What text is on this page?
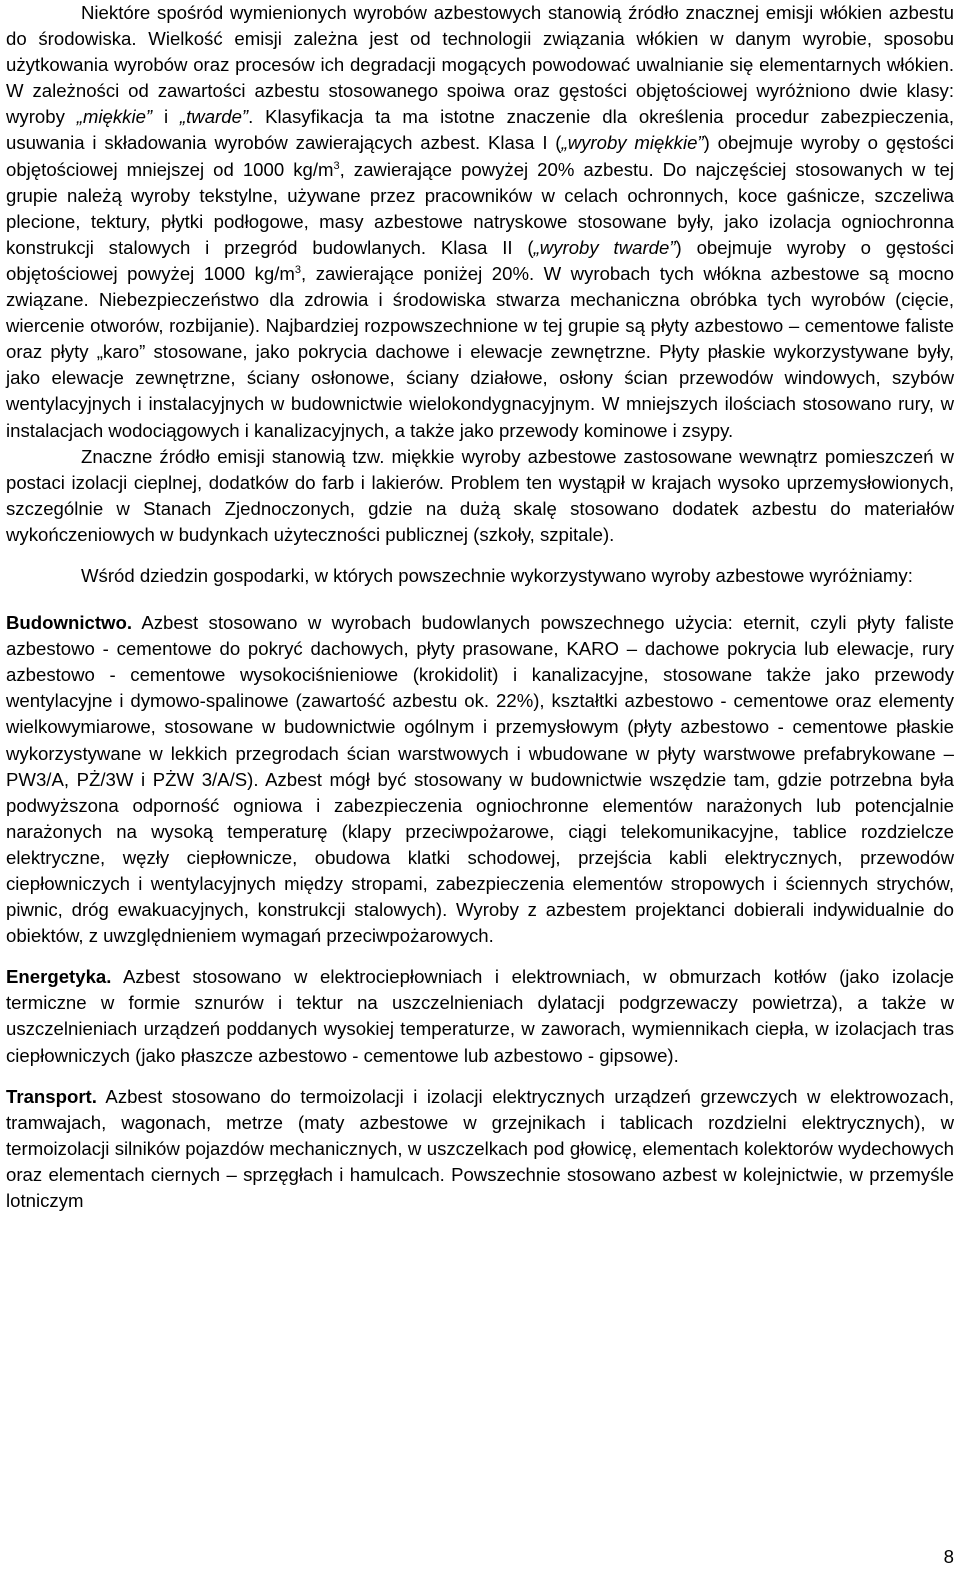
Niektóre spośród wymienionych wyrobów azbestowych stanowią źródło znacznej emisji włókien azbestu do środowiska. Wielkość emisji zależna jest od technologii związania włókien w danym wyrobie, sposobu użytkowania wyrobów oraz procesów ich degradacji mogących powodować uwalnianie się elementarnych włókien. W zależności od zawartości azbestu stosowanego spoiwa oraz gęstości objętościowej wyróżniono dwie klasy: wyroby „miękkie” i „twarde”. Klasyfikacja ta ma istotne znaczenie dla określenia procedur zabezpieczenia, usuwania i składowania wyrobów zawierających azbest. Klasa I („wyroby miękkie”) obejmuje wyroby o gęstości objętościowej mniejszej od 1000 $kg/m^3$, zawierające powyżej 20% azbestu. Do najczęściej stosowanych w tej grupie należą wyroby tekstylne, używane przez pracowników w celach ochronnych, koce gaśnicze, szczeliwa plecione, tektury, płytki podłogowe, masy azbestowe natryskowe stosowane były, jako izolacja ogniochronna konstrukcji stalowych i przegród budowlanych. Klasa II („wyroby twarde”) obejmuje wyroby o gęstości objętościowej powyżej 1000 $kg/m^3$, zawierające poniżej 20%. W wyrobach tych włókna azbestowe są mocno związane. Niebezpieczeństwo dla zdrowia i środowiska stwarza mechaniczna obróbka tych wyrobów (cięcie, wiercenie otworów, rozbijanie). Najbardziej rozpowszechnione w tej grupie są płyty azbestowo – cementowe faliste oraz płyty „karo” stosowane, jako pokrycia dachowe i elewacje zewnętrzne. Płyty płaskie wykorzystywane były, jako elewacje zewnętrzne, ściany osłonowe, ściany działowe, osłony ścian przewodów windowych, szybów wentylacyjnych i instalacyjnych w budownictwie wielokondygnacyjnym. W mniejszych ilościach stosowano rury, w instalacjach wodociągowych i kanalizacyjnych, a także jako przewody kominowe i zsypy.

Znaczne źródło emisji stanowią tzw. miękkie wyroby azbestowe zastosowane wewnątrz pomieszczeń w postaci izolacji cieplnej, dodatków do farb i lakierów. Problem ten wystąpił w krajach wysoko uprzemysłowionych, szczególnie w Stanach Zjednoczonych, gdzie na dużą skalę stosowano dodatek azbestu do materiałów wykończeniowych w budynkach użyteczności publicznej (szkoły, szpitale).

Wśród dziedzin gospodarki, w których powszechnie wykorzystywano wyroby azbestowe wyróżniamy:

Budownictwo. Azbest stosowano w wyrobach budowlanych powszechnego użycia: eternit, czyli płyty faliste azbestowo - cementowe do pokryć dachowych, płyty prasowane, KARO – dachowe pokrycia lub elewacje, rury azbestowo - cementowe wysokociśnieniowe (krokidolit) i kanalizacyjne, stosowane także jako przewody wentylacyjne i dymowo-spalinowe (zawartość azbestu ok. 22%), kształtki azbestowo - cementowe oraz elementy wielkowymiarowe, stosowane w budownictwie ogólnym i przemysłowym (płyty azbestowo - cementowe płaskie wykorzystywane w lekkich przegrodach ścian warstwowych i wbudowane w płyty warstwowe prefabrykowane – PW3/A, PŻ/3W i PŻW 3/A/S). Azbest mógł być stosowany w budownictwie wszędzie tam, gdzie potrzebna była podwyższona odporność ogniowa i zabezpieczenia ogniochronne elementów narażonych lub potencjalnie narażonych na wysoką temperaturę (klapy przeciwpożarowe, ciągi telekomunikacyjne, tablice rozdzielcze elektryczne, węzły ciepłownicze, obudowa klatki schodowej, przejścia kabli elektrycznych, przewodów ciepłowniczych i wentylacyjnych między stropami, zabezpieczenia elementów stropowych i ściennych strychów, piwnic, dróg ewakuacyjnych, konstrukcji stalowych). Wyroby z azbestem projektanci dobierali indywidualnie do obiektów, z uwzględnieniem wymagań przeciwpożarowych.

Energetyka. Azbest stosowano w elektrociepłowniach i elektrowniach, w obmurzach kotłów (jako izolacje termiczne w formie sznurów i tektur na uszczelnieniach dylatacji podgrzewaczy powietrza), a także w uszczelnieniach urządzeń poddanych wysokiej temperaturze, w zaworach, wymiennikach ciepła, w izolacjach tras ciepłowniczych (jako płaszcze azbestowo - cementowe lub azbestowo - gipsowe).

Transport. Azbest stosowano do termoizolacji i izolacji elektrycznych urządzeń grzewczych w elektrowozach, tramwajach, wagonach, metrze (maty azbestowe w grzejnikach i tablicach rozdzielni elektrycznych), w termoizolacji silników pojazdów mechanicznych, w uszczelkach pod głowicę, elementach kolektorów wydechowych oraz elementach ciernych – sprzęgłach i hamulcach. Powszechnie stosowano azbest w kolejnictwie, w przemyśle lotniczym

8
